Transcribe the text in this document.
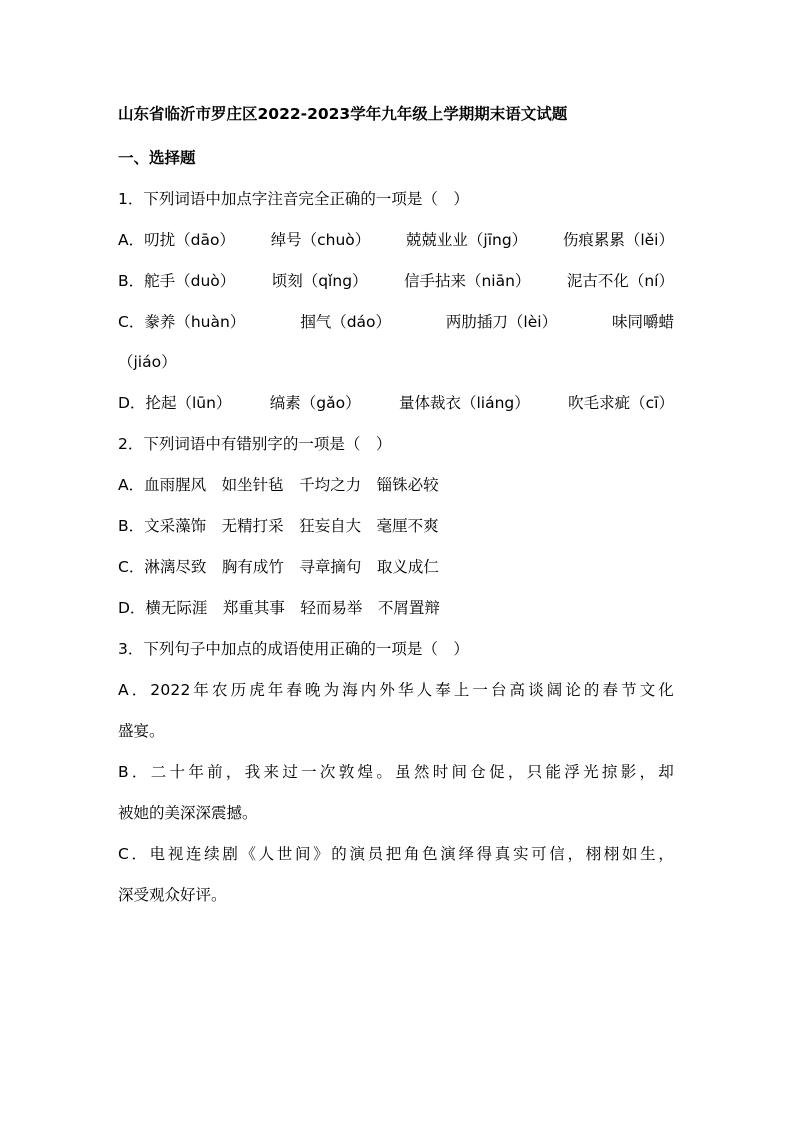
山东省临沂市罗庄区2022-2023学年九年级上学期期末语文试题
一、选择题
1．下列词语中加点字注音完全正确的一项是（　）
A．叨扰（dāo） 绰号（chuò） 兢兢业业（jīng） 伤痕累累（lěi）
B．舵手（duò） 顷刻（qǐng） 信手拈来（niān） 泥古不化（ní）
C．豢养（huàn）	掴气（dáo）	两肋插刀（lèi）	味同嚼蜡
（jiáo）
D．抡起（lūn） 缟素（gǎo） 量体裁衣（liáng） 吹毛求疵（cī）
2．下列词语中有错别字的一项是（　）
A．血雨腥风　如坐针毡　千均之力　锱铢必较
B．文采藻饰　无精打采　狂妄自大　毫厘不爽
C．淋漓尽致　胸有成竹　寻章摘句　取义成仁
D．横无际涯　郑重其事　轻而易举　不屑置辩
3．下列句子中加点的成语使用正确的一项是（　）
A．2022年农历虎年春晚为海内外华人奉上一台高谈阔论的春节文化
盛宴。
B．二十年前，我来过一次敦煌。虽然时间仓促，只能浮光掠影，却
被她的美深深震撼。
C．电视连续剧《人世间》的演员把角色演绎得真实可信，栩栩如生，
深受观众好评。
